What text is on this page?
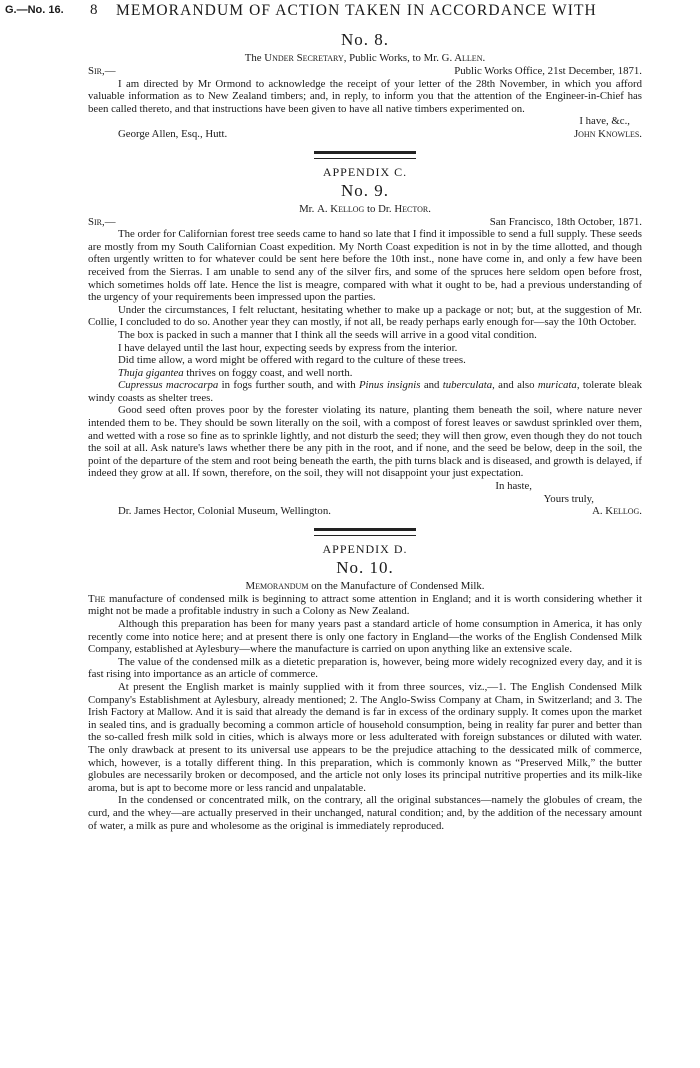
G.—No. 16. 8 MEMORANDUM OF ACTION TAKEN IN ACCORDANCE WITH
No. 8.
The Under Secretary, Public Works, to Mr. G. Allen.
Sir,—	Public Works Office, 21st December, 1871.

I am directed by Mr Ormond to acknowledge the receipt of your letter of the 28th November, in which you afford valuable information as to New Zealand timbers; and, in reply, to inform you that the attention of the Engineer-in-Chief has been called thereto, and that instructions have been given to have all native timbers experimented on.

I have, &c.,
George Allen, Esq., Hutt.	John Knowles.
APPENDIX C.
No. 9.
Mr. A. Kellog to Dr. Hector.
Sir,—	San Francisco, 18th October, 1871.

The order for Californian forest tree seeds came to hand so late that I find it impossible to send a full supply. These seeds are mostly from my South Californian Coast expedition. My North Coast expedition is not in by the time allotted, and though often urgently written to for whatever could be sent here before the 10th inst., none have come in, and only a few have been received from the Sierras. I am unable to send any of the silver firs, and some of the spruces here seldom open before frost, which sometimes holds off late. Hence the list is meagre, compared with what it ought to be, had a previous understanding of the urgency of your requirements been impressed upon the parties.

Under the circumstances, I felt reluctant, hesitating whether to make up a package or not; but, at the suggestion of Mr. Collie, I concluded to do so. Another year they can mostly, if not all, be ready perhaps early enough for—say the 10th October.

The box is packed in such a manner that I think all the seeds will arrive in a good vital condition.

I have delayed until the last hour, expecting seeds by express from the interior.

Did time allow, a word might be offered with regard to the culture of these trees.

Thuja gigantea thrives on foggy coast, and well north.

Cupressus macrocarpa in fogs further south, and with Pinus insignis and tuberculata, and also muricata, tolerate bleak windy coasts as shelter trees.

Good seed often proves poor by the forester violating its nature, planting them beneath the soil, where nature never intended them to be. They should be sown literally on the soil, with a compost of forest leaves or sawdust sprinkled over them, and wetted with a rose so fine as to sprinkle lightly, and not disturb the seed; they will then grow, even though they do not touch the soil at all. Ask nature's laws whether there be any pith in the root, and if none, and the seed be below, deep in the soil, the point of the departure of the stem and root being beneath the earth, the pith turns black and is diseased, and growth is delayed, if indeed they grow at all. If sown, therefore, on the soil, they will not disappoint your just expectation.

In haste,
Yours truly,
Dr. James Hector, Colonial Museum, Wellington.	A. Kellog.
APPENDIX D.
No. 10.
Memorandum on the Manufacture of Condensed Milk.

The manufacture of condensed milk is beginning to attract some attention in England; and it is worth considering whether it might not be made a profitable industry in such a Colony as New Zealand.

Although this preparation has been for many years past a standard article of home consumption in America, it has only recently come into notice here; and at present there is only one factory in England—the works of the English Condensed Milk Company, established at Aylesbury—where the manufacture is carried on upon anything like an extensive scale.

The value of the condensed milk as a dietetic preparation is, however, being more widely recognized every day, and it is fast rising into importance as an article of commerce.

At present the English market is mainly supplied with it from three sources, viz.,—1. The English Condensed Milk Company's Establishment at Aylesbury, already mentioned; 2. The Anglo-Swiss Company at Cham, in Switzerland; and 3. The Irish Factory at Mallow. And it is said that already the demand is far in excess of the ordinary supply. It comes upon the market in sealed tins, and is gradually becoming a common article of household consumption, being in reality far purer and better than the so-called fresh milk sold in cities, which is always more or less adulterated with foreign substances or diluted with water. The only drawback at present to its universal use appears to be the prejudice attaching to the dessicated milk of commerce, which, however, is a totally different thing. In this preparation, which is commonly known as “Preserved Milk,” the butter globules are necessarily broken or decomposed, and the article not only loses its principal nutritive properties and its milk-like aroma, but is apt to become more or less rancid and unpalatable.

In the condensed or concentrated milk, on the contrary, all the original substances—namely the globules of cream, the curd, and the whey—are actually preserved in their unchanged, natural condition; and, by the addition of the necessary amount of water, a milk as pure and wholesome as the original is immediately reproduced.
